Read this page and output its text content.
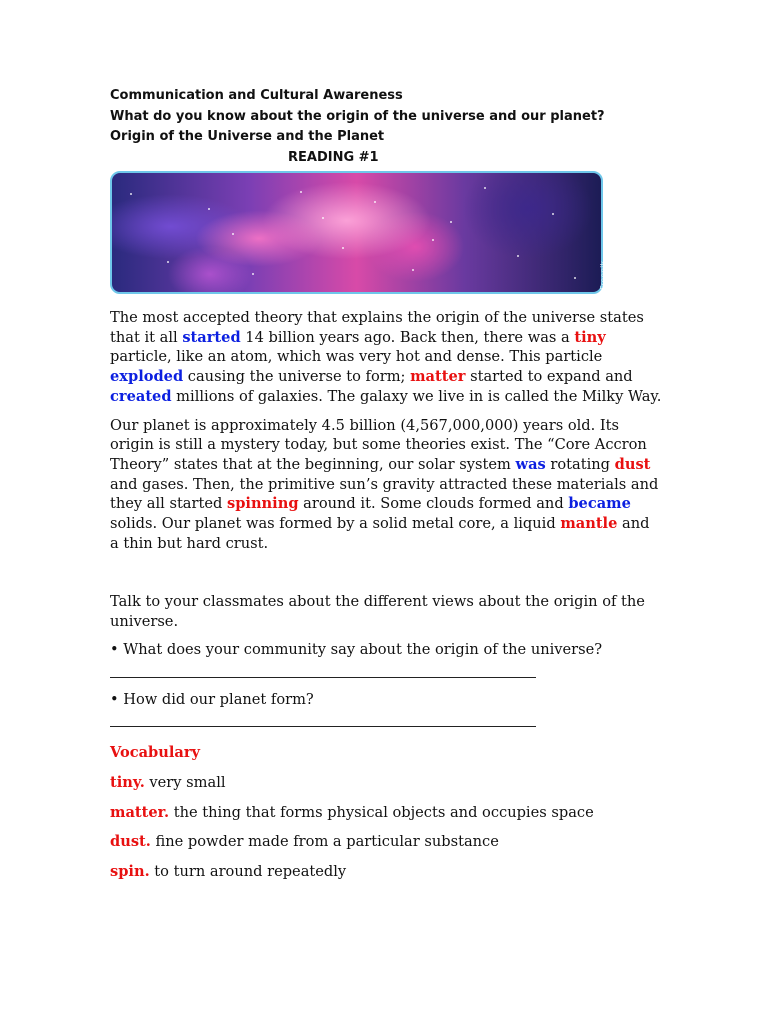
Communication and Cultural Awareness

What do you know about the origin of the universe and our planet?

Origin of the Universe and the Planet

READING #1

Freepik

The most accepted theory that explains the origin of the universe states that it all started 14 billion years ago. Back then, there was a tiny particle, like an atom, which was very hot and dense. This particle exploded causing the universe to form; matter started to expand and created millions of galaxies. The galaxy we live in is called the Milky Way.

Our planet is approximately 4.5 billion (4,567,000,000) years old. Its origin is still a mystery today, but some theories exist. The “Core Accron Theory” states that at the beginning, our solar system was rotating dust and gases. Then, the primitive sun’s gravity attracted these materials and they all started spinning around it. Some clouds formed and became solids. Our planet was formed by a solid metal core, a liquid mantle and a thin but hard crust.

Talk to your classmates about the different views about the origin of the universe.

• What does your community say about the origin of the universe?

• How did our planet form?

Vocabulary

tiny. very small

matter. the thing that forms physical objects and occupies space

dust. fine powder made from a particular substance

spin. to turn around repeatedly
